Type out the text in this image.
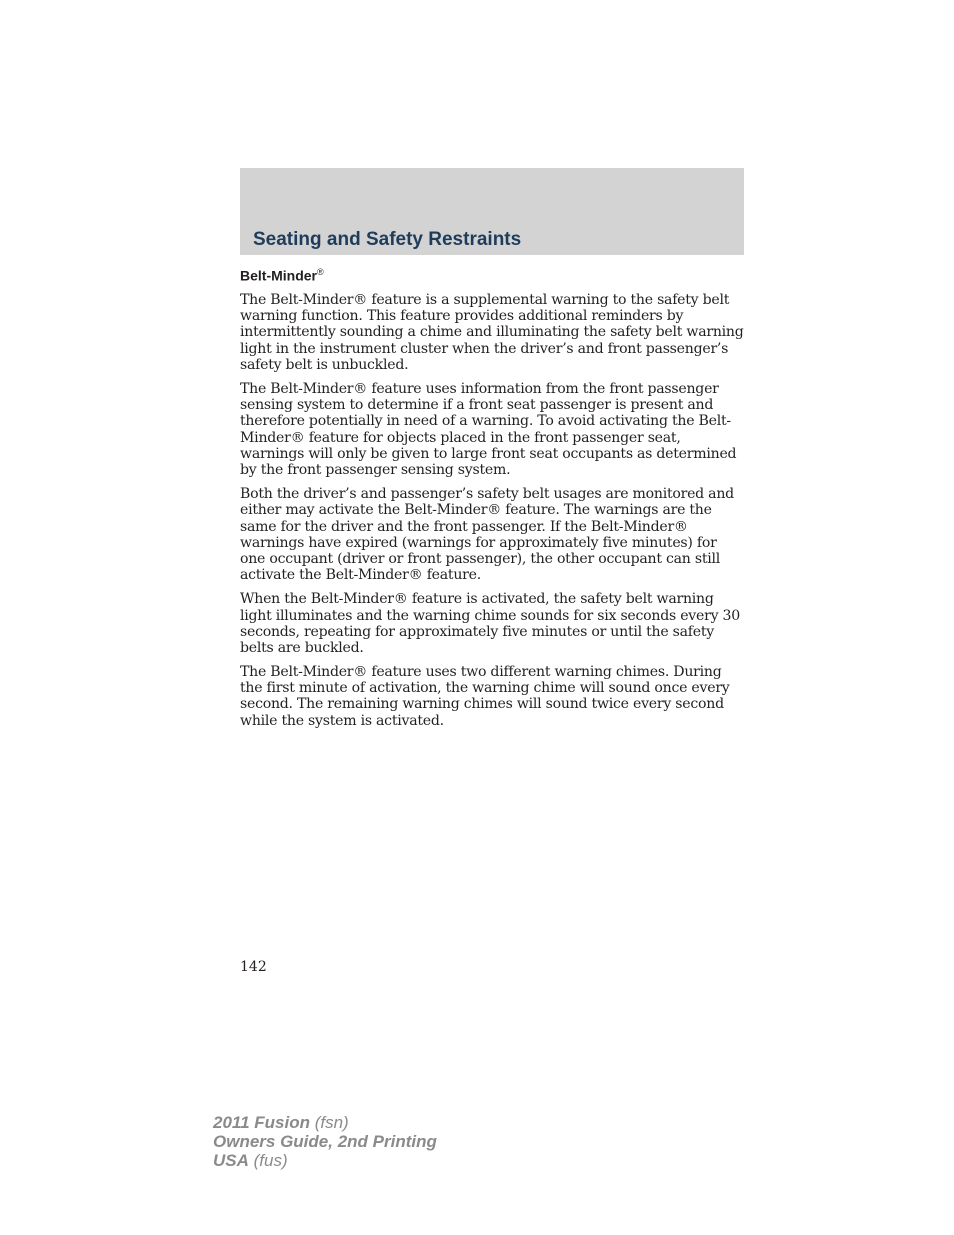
Seating and Safety Restraints
Belt-Minder®

The Belt-Minder® feature is a supplemental warning to the safety belt warning function. This feature provides additional reminders by intermittently sounding a chime and illuminating the safety belt warning light in the instrument cluster when the driver’s and front passenger’s safety belt is unbuckled.

The Belt-Minder® feature uses information from the front passenger sensing system to determine if a front seat passenger is present and therefore potentially in need of a warning. To avoid activating the Belt-Minder® feature for objects placed in the front passenger seat, warnings will only be given to large front seat occupants as determined by the front passenger sensing system.

Both the driver’s and passenger’s safety belt usages are monitored and either may activate the Belt-Minder® feature. The warnings are the same for the driver and the front passenger. If the Belt-Minder® warnings have expired (warnings for approximately five minutes) for one occupant (driver or front passenger), the other occupant can still activate the Belt-Minder® feature.

When the Belt-Minder® feature is activated, the safety belt warning light illuminates and the warning chime sounds for six seconds every 30 seconds, repeating for approximately five minutes or until the safety belts are buckled.

The Belt-Minder® feature uses two different warning chimes. During the first minute of activation, the warning chime will sound once every second. The remaining warning chimes will sound twice every second while the system is activated.

142

2011 Fusion (fsn)

Owners Guide, 2nd Printing

USA (fus)
